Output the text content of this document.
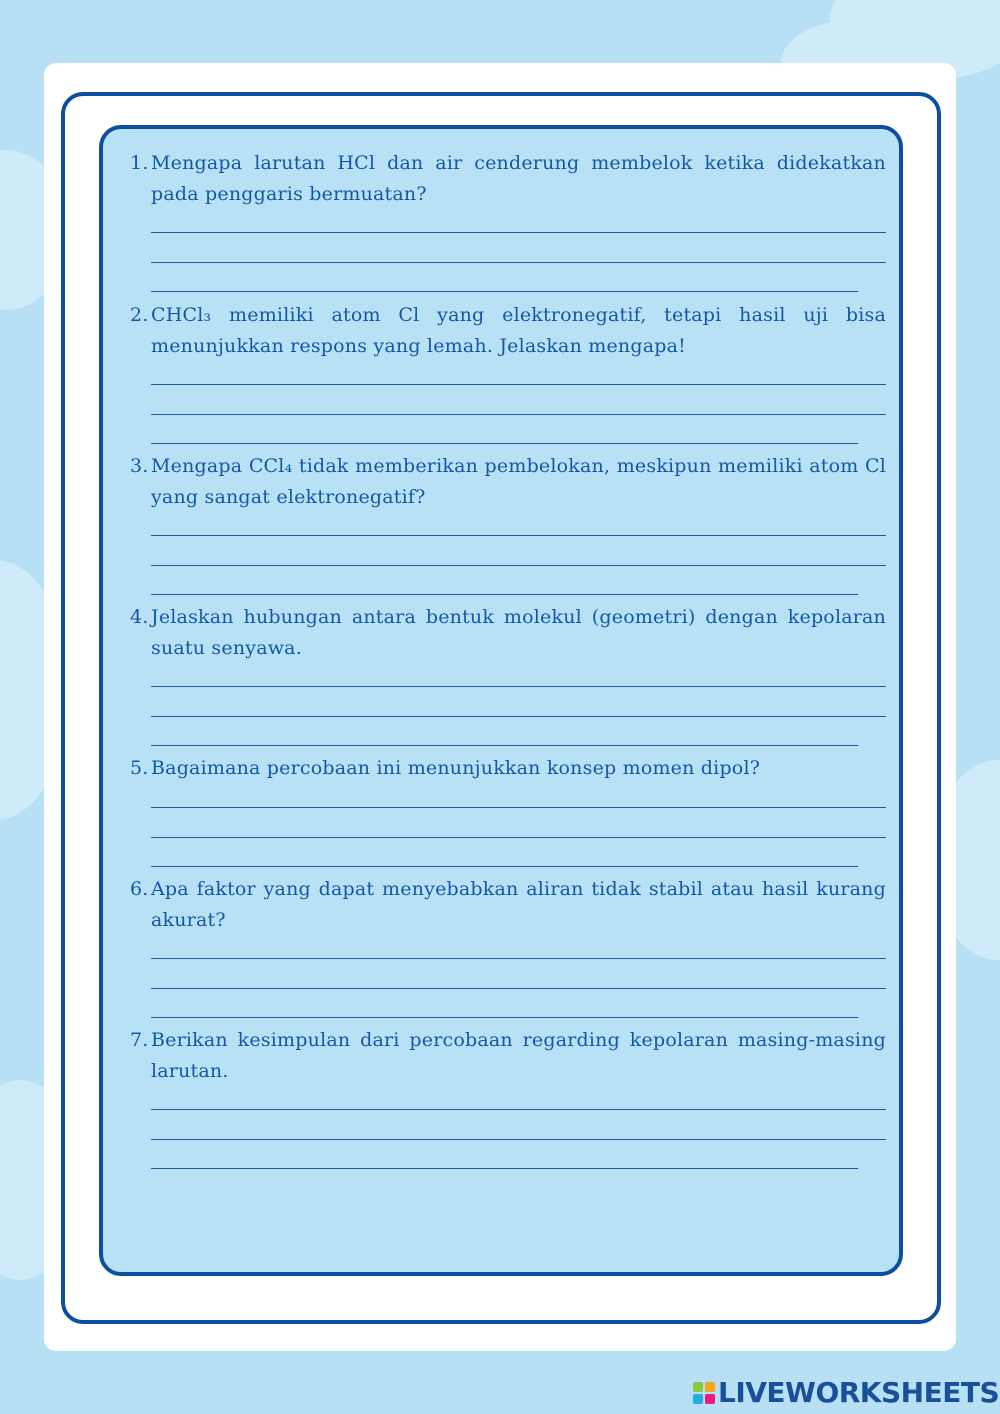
1. Mengapa larutan HCl dan air cenderung membelok ketika didekatkan pada penggaris bermuatan?
2. CHCl₃ memiliki atom Cl yang elektronegatif, tetapi hasil uji bisa menunjukkan respons yang lemah. Jelaskan mengapa!
3. Mengapa CCl₄ tidak memberikan pembelokan, meskipun memiliki atom Cl yang sangat elektronegatif?
4. Jelaskan hubungan antara bentuk molekul (geometri) dengan kepolaran suatu senyawa.
5. Bagaimana percobaan ini menunjukkan konsep momen dipol?
6. Apa faktor yang dapat menyebabkan aliran tidak stabil atau hasil kurang akurat?
7. Berikan kesimpulan dari percobaan regarding kepolaran masing-masing larutan.
LIVEWORKSHEETS
